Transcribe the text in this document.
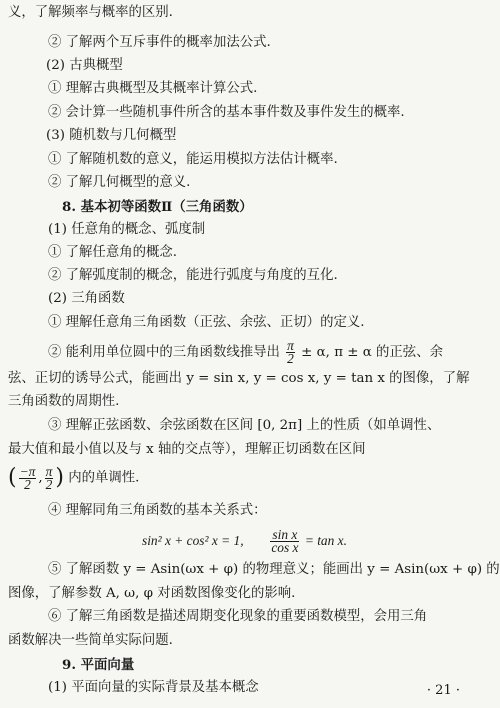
义，了解频率与概率的区别.
② 了解两个互斥事件的概率加法公式.
(2) 古典概型
① 理解古典概型及其概率计算公式.
② 会计算一些随机事件所含的基本事件数及事件发生的概率.
(3) 随机数与几何概型
① 了解随机数的意义，能运用模拟方法估计概率.
② 了解几何概型的意义.
8. 基本初等函数Ⅱ（三角函数）
(1) 任意角的概念、弧度制
① 了解任意角的概念.
② 了解弧度制的概念，能进行弧度与角度的互化.
(2) 三角函数
① 理解任意角三角函数（正弦、余弦、正切）的定义.
② 能利用单位圆中的三角函数线推导出 $\frac{\pi}{2} \pm \alpha$, π ± α 的正弦、余
弦、正切的诱导公式，能画出 y = sin x, y = cos x, y = tan x 的图像，了解
三角函数的周期性.
③ 理解正弦函数、余弦函数在区间 [0, 2π] 上的性质（如单调性、
最大值和最小值以及与 x 轴的交点等），理解正切函数在区间
( $\frac{-\pi}{2}$ , $\frac{\pi}{2}$ ) 内的单调性.
④ 理解同角三角函数的基本关系式：
sin² x + cos² x = 1, $\frac{\text{sin x}}{\text{cos x}} = \tan x$.
⑤ 了解函数 y = Asin(ωx + φ) 的物理意义；能画出 y = Asin(ωx + φ) 的
图像，了解参数 A, ω, φ 对函数图像变化的影响.
⑥ 了解三角函数是描述周期变化现象的重要函数模型，会用三角
函数解决一些简单实际问题.
9. 平面向量
(1) 平面向量的实际背景及基本概念	· 21 ·
